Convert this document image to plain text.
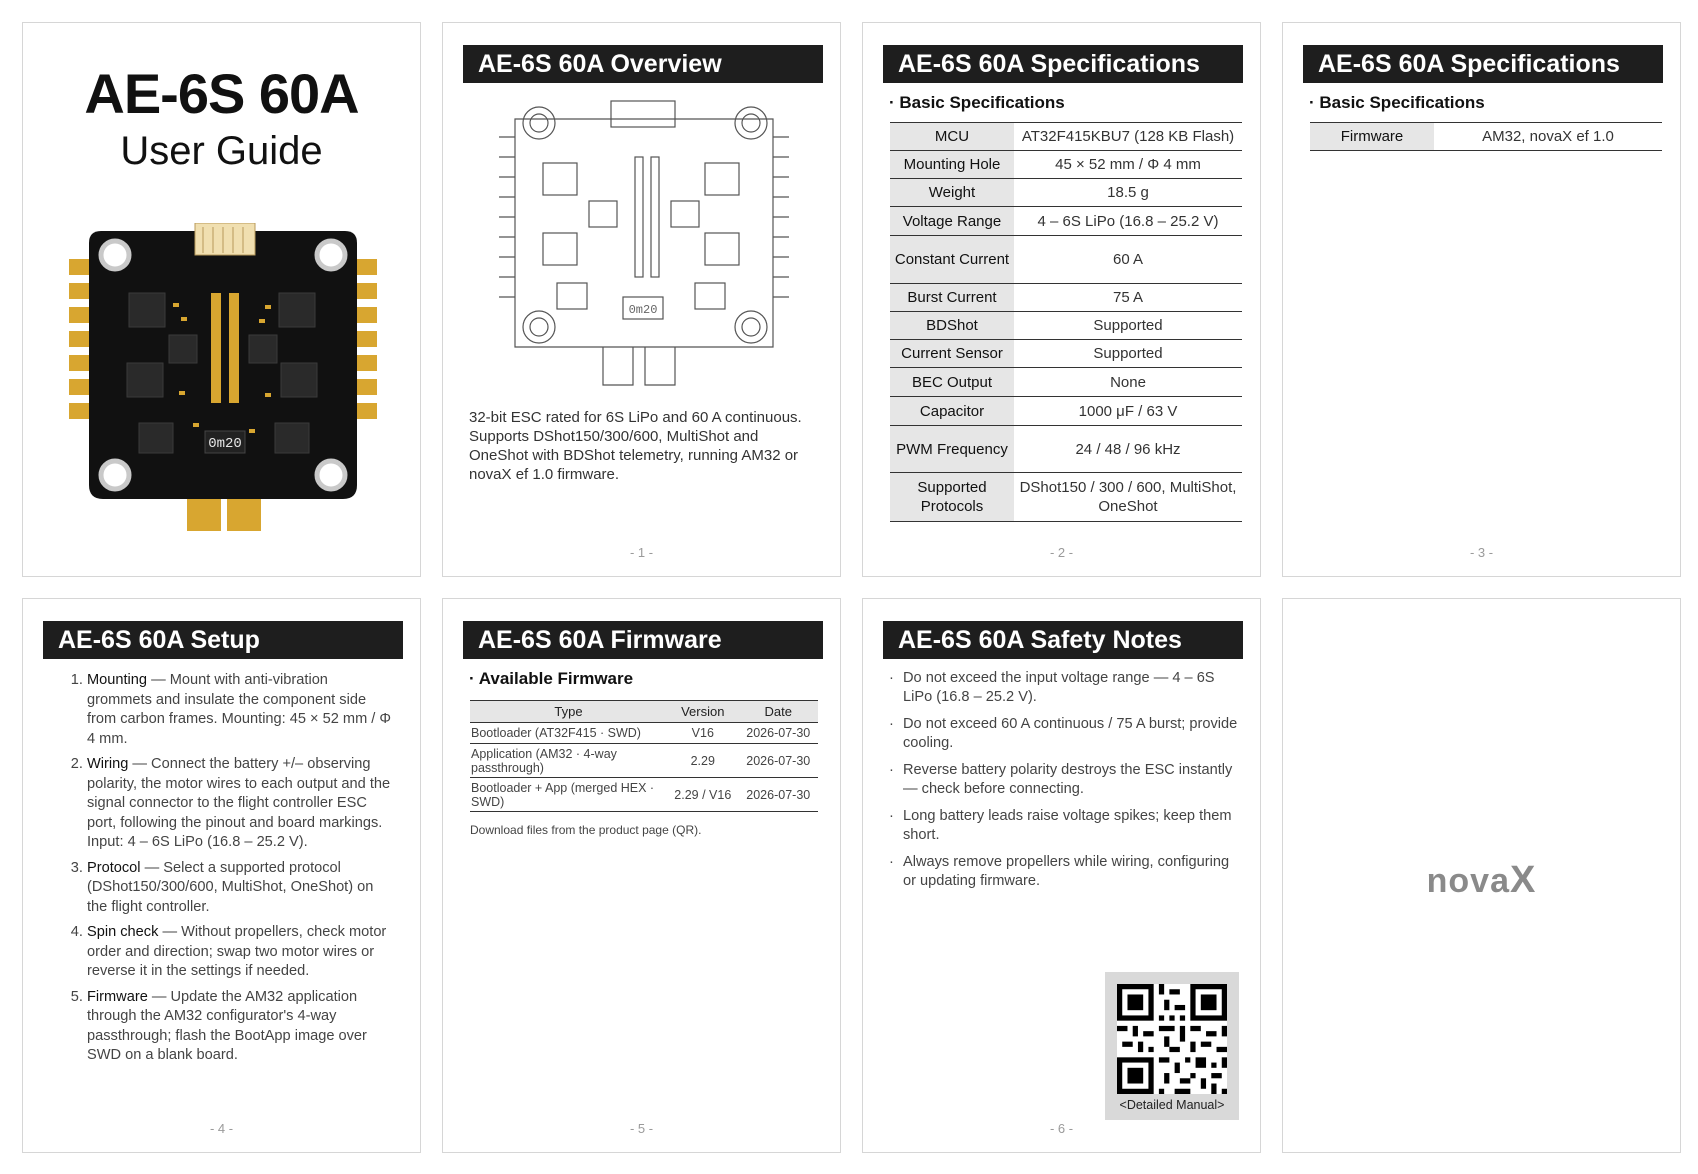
AE-6S 60A
User Guide
0m20
AE-6S 60A Overview
0m20
32-bit ESC rated for 6S LiPo and 60 A continuous. Supports DShot150/300/600, MultiShot and OneShot with BDShot telemetry, running AM32 or novaX ef 1.0 firmware.
- 1 -
AE-6S 60A Specifications
· Basic Specifications
MCU	AT32F415KBU7 (128 KB Flash)
Mounting Hole	45 × 52 mm / Φ 4 mm
Weight	18.5 g
Voltage Range	4 – 6S LiPo (16.8 – 25.2 V)
Constant Current	60 A
Burst Current	75 A
BDShot	Supported
Current Sensor	Supported
BEC Output	None
Capacitor	1000 μF / 63 V
PWM Frequency	24 / 48 / 96 kHz
Supported Protocols	DShot150 / 300 / 600, MultiShot, OneShot
- 2 -
AE-6S 60A Specifications
· Basic Specifications
Firmware	AM32, novaX ef 1.0
- 3 -
AE-6S 60A Setup
1. Mounting — Mount with anti-vibration grommets and insulate the component side from carbon frames. Mounting: 45 × 52 mm / Φ 4 mm.
2. Wiring — Connect the battery +/– observing polarity, the motor wires to each output and the signal connector to the flight controller ESC port, following the pinout and board markings. Input: 4 – 6S LiPo (16.8 – 25.2 V).
3. Protocol — Select a supported protocol (DShot150/300/600, MultiShot, OneShot) on the flight controller.
4. Spin check — Without propellers, check motor order and direction; swap two motor wires or reverse it in the settings if needed.
5. Firmware — Update the AM32 application through the AM32 configurator's 4-way passthrough; flash the BootApp image over SWD on a blank board.
- 4 -
AE-6S 60A Firmware
· Available Firmware
Type	Version	Date
Bootloader (AT32F415 · SWD)	V16	2026-07-30
Application (AM32 · 4-way passthrough)	2.29	2026-07-30
Bootloader + App (merged HEX · SWD)	2.29 / V16	2026-07-30
Download files from the product page (QR).
- 5 -
AE-6S 60A Safety Notes
· Do not exceed the input voltage range — 4 – 6S LiPo (16.8 – 25.2 V).
· Do not exceed 60 A continuous / 75 A burst; provide cooling.
· Reverse battery polarity destroys the ESC instantly — check before connecting.
· Long battery leads raise voltage spikes; keep them short.
· Always remove propellers while wiring, configuring or updating firmware.
<Detailed Manual>
- 6 -
novaX
